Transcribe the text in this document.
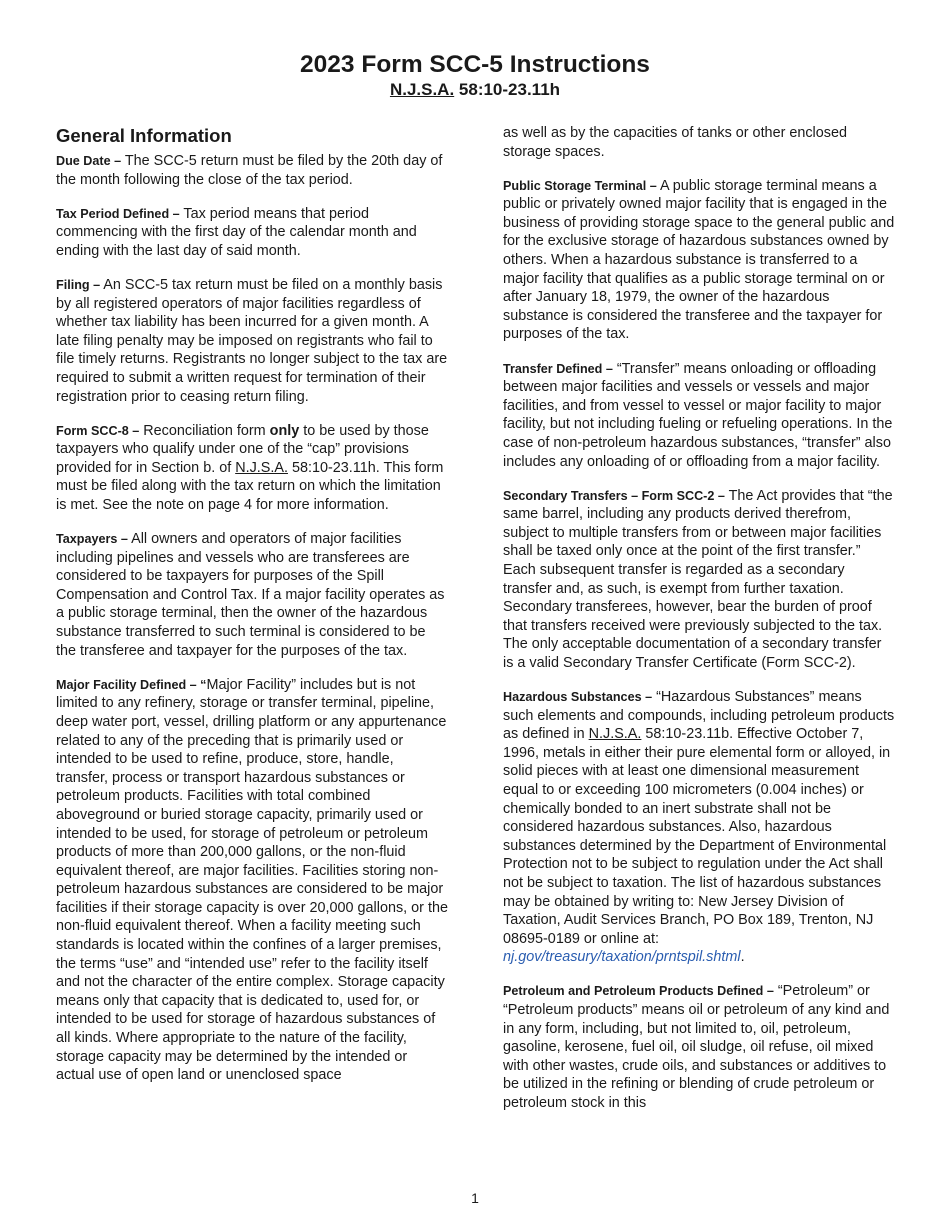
2023 Form SCC-5 Instructions
N.J.S.A. 58:10-23.11h
General Information

Due Date – The SCC-5 return must be filed by the 20th day of the month following the close of the tax period.

Tax Period Defined – Tax period means that period commencing with the first day of the calendar month and ending with the last day of said month.

Filing – An SCC-5 tax return must be filed on a monthly basis by all registered operators of major facilities regardless of whether tax liability has been incurred for a given month. A late filing penalty may be imposed on registrants who fail to file timely returns. Registrants no longer subject to the tax are required to submit a written request for termination of their registration prior to ceasing return filing.

Form SCC-8 – Reconciliation form only to be used by those taxpayers who qualify under one of the “cap” provisions provided for in Section b. of N.J.S.A. 58:10-23.11h. This form must be filed along with the tax return on which the limitation is met. See the note on page 4 for more information.

Taxpayers – All owners and operators of major facilities including pipelines and vessels who are transferees are considered to be taxpayers for purposes of the Spill Compensation and Control Tax. If a major facility operates as a public storage terminal, then the owner of the hazardous substance transferred to such terminal is considered to be the transferee and taxpayer for the purposes of the tax.

Major Facility Defined – “Major Facility” includes but is not limited to any refinery, storage or transfer terminal, pipeline, deep water port, vessel, drilling platform or any appurtenance related to any of the preceding that is primarily used or intended to be used to refine, produce, store, handle, transfer, process or transport hazardous substances or petroleum products. Facilities with total combined aboveground or buried storage capacity, primarily used or intended to be used, for storage of petroleum or petroleum products of more than 200,000 gallons, or the non-fluid equivalent thereof, are major facilities. Facilities storing non-petroleum hazardous substances are considered to be major facilities if their storage capacity is over 20,000 gallons, or the non-fluid equivalent thereof. When a facility meeting such standards is located within the confines of a larger premises, the terms “use” and “intended use” refer to the facility itself and not the character of the entire complex. Storage capacity means only that capacity that is dedicated to, used for, or intended to be used for storage of hazardous substances of all kinds. Where appropriate to the nature of the facility, storage capacity may be determined by the intended or actual use of open land or unenclosed space

as well as by the capacities of tanks or other enclosed storage spaces.

Public Storage Terminal – A public storage terminal means a public or privately owned major facility that is engaged in the business of providing storage space to the general public and for the exclusive storage of hazardous substances owned by others. When a hazardous substance is transferred to a major facility that qualifies as a public storage terminal on or after January 18, 1979, the owner of the hazardous substance is considered the transferee and the taxpayer for purposes of the tax.

Transfer Defined – “Transfer” means onloading or offloading between major facilities and vessels or vessels and major facilities, and from vessel to vessel or major facility to major facility, but not including fueling or refueling operations. In the case of non-petroleum hazardous substances, “transfer” also includes any onloading of or offloading from a major facility.

Secondary Transfers – Form SCC-2 – The Act provides that “the same barrel, including any products derived therefrom, subject to multiple transfers from or between major facilities shall be taxed only once at the point of the first transfer.” Each subsequent transfer is regarded as a secondary transfer and, as such, is exempt from further taxation. Secondary transferees, however, bear the burden of proof that transfers received were previously subjected to the tax. The only acceptable documentation of a secondary transfer is a valid Secondary Transfer Certificate (Form SCC-2).

Hazardous Substances – “Hazardous Substances” means such elements and compounds, including petroleum products as defined in N.J.S.A. 58:10-23.11b. Effective October 7, 1996, metals in either their pure elemental form or alloyed, in solid pieces with at least one dimensional measurement equal to or exceeding 100 micrometers (0.004 inches) or chemically bonded to an inert substrate shall not be considered hazardous substances. Also, hazardous substances determined by the Department of Environmental Protection not to be subject to regulation under the Act shall not be subject to taxation. The list of hazardous substances may be obtained by writing to: New Jersey Division of Taxation, Audit Services Branch, PO Box 189, Trenton, NJ 08695-0189 or online at: nj.gov/treasury/taxation/prntspil.shtml.

Petroleum and Petroleum Products Defined – “Petroleum” or “Petroleum products” means oil or petroleum of any kind and in any form, including, but not limited to, oil, petroleum, gasoline, kerosene, fuel oil, oil sludge, oil refuse, oil mixed with other wastes, crude oils, and substances or additives to be utilized in the refining or blending of crude petroleum or petroleum stock in this

1
